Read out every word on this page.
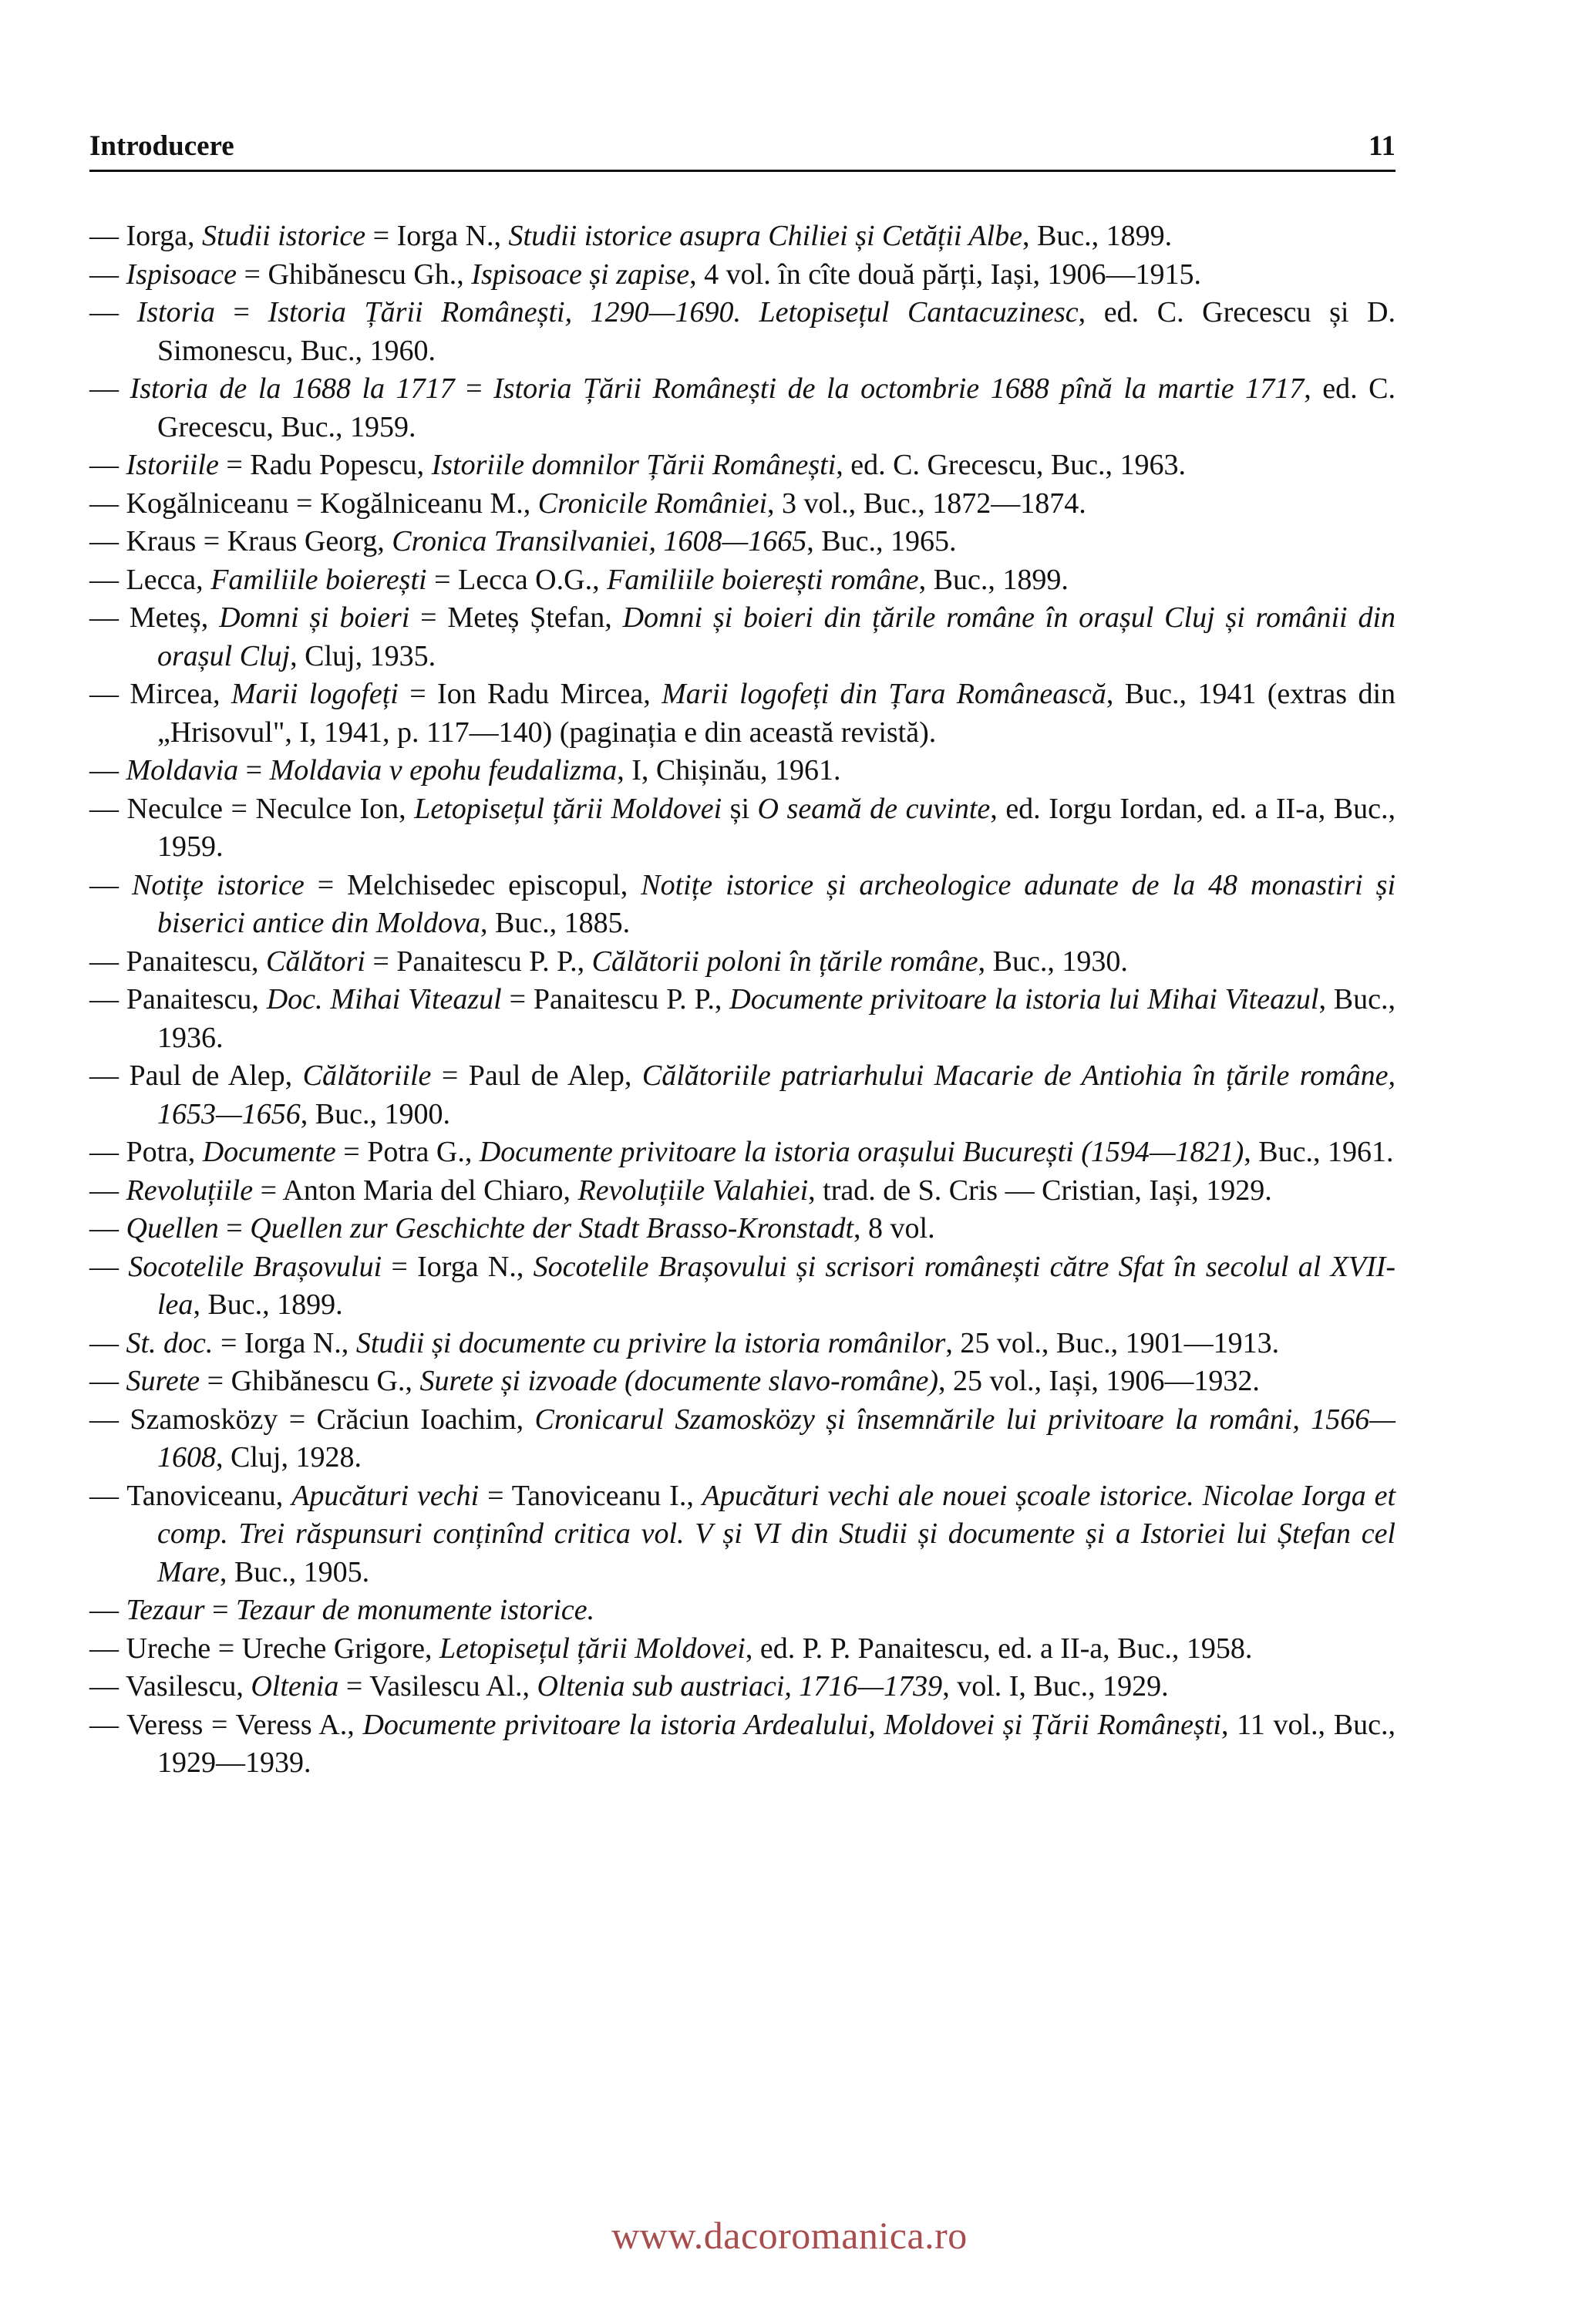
Introducere	11
— Iorga, Studii istorice = Iorga N., Studii istorice asupra Chiliei și Cetății Albe, Buc., 1899.
— Ispisoace = Ghibănescu Gh., Ispisoace și zapise, 4 vol. în cîte două părți, Iași, 1906—1915.
— Istoria = Istoria Țării Românești, 1290—1690. Letopisețul Cantacuzinesc, ed. C. Grecescu și D. Simonescu, Buc., 1960.
— Istoria de la 1688 la 1717 = Istoria Țării Românești de la octombrie 1688 pînă la martie 1717, ed. C. Grecescu, Buc., 1959.
— Istoriile = Radu Popescu, Istoriile domnilor Țării Românești, ed. C. Grecescu, Buc., 1963.
— Kogălniceanu = Kogălniceanu M., Cronicile României, 3 vol., Buc., 1872—1874.
— Kraus = Kraus Georg, Cronica Transilvaniei, 1608—1665, Buc., 1965.
— Lecca, Familiile boierești = Lecca O.G., Familiile boierești române, Buc., 1899.
— Meteș, Domni și boieri = Meteș Ștefan, Domni și boieri din țările române în orașul Cluj și românii din orașul Cluj, Cluj, 1935.
— Mircea, Marii logofeți = Ion Radu Mircea, Marii logofeți din Țara Românească, Buc., 1941 (extras din „Hrisovul", I, 1941, p. 117—140) (paginația e din această revistă).
— Moldavia = Moldavia v epohu feudalizma, I, Chișinău, 1961.
— Neculce = Neculce Ion, Letopisețul țării Moldovei și O seamă de cuvinte, ed. Iorgu Iordan, ed. a II-a, Buc., 1959.
— Notițe istorice = Melchisedec episcopul, Notițe istorice și archeologice adunate de la 48 monastiri și biserici antice din Moldova, Buc., 1885.
— Panaitescu, Călători = Panaitescu P. P., Călătorii poloni în țările române, Buc., 1930.
— Panaitescu, Doc. Mihai Viteazul = Panaitescu P. P., Documente privitoare la istoria lui Mihai Viteazul, Buc., 1936.
— Paul de Alep, Călătoriile = Paul de Alep, Călătoriile patriarhului Macarie de Antiohia în țările române, 1653—1656, Buc., 1900.
— Potra, Documente = Potra G., Documente privitoare la istoria orașului București (1594—1821), Buc., 1961.
— Revoluțiile = Anton Maria del Chiaro, Revoluțiile Valahiei, trad. de S. Cris — Cristian, Iași, 1929.
— Quellen = Quellen zur Geschichte der Stadt Brasso-Kronstadt, 8 vol.
— Socotelile Brașovului = Iorga N., Socotelile Brașovului și scrisori românești către Sfat în secolul al XVII-lea, Buc., 1899.
— St. doc. = Iorga N., Studii și documente cu privire la istoria românilor, 25 vol., Buc., 1901—1913.
— Surete = Ghibănescu G., Surete și izvoade (documente slavo-române), 25 vol., Iași, 1906—1932.
— Szamosközy = Crăciun Ioachim, Cronicarul Szamosközy și însemnările lui privitoare la români, 1566—1608, Cluj, 1928.
— Tanoviceanu, Apucături vechi = Tanoviceanu I., Apucături vechi ale nouei școale istorice. Nicolae Iorga et comp. Trei răspunsuri conținînd critica vol. V și VI din Studii și documente și a Istoriei lui Ștefan cel Mare, Buc., 1905.
— Tezaur = Tezaur de monumente istorice.
— Ureche = Ureche Grigore, Letopisețul țării Moldovei, ed. P. P. Panaitescu, ed. a II-a, Buc., 1958.
— Vasilescu, Oltenia = Vasilescu Al., Oltenia sub austriaci, 1716—1739, vol. I, Buc., 1929.
— Veress = Veress A., Documente privitoare la istoria Ardealului, Moldovei și Țării Românești, 11 vol., Buc., 1929—1939.
www.dacoromanica.ro
